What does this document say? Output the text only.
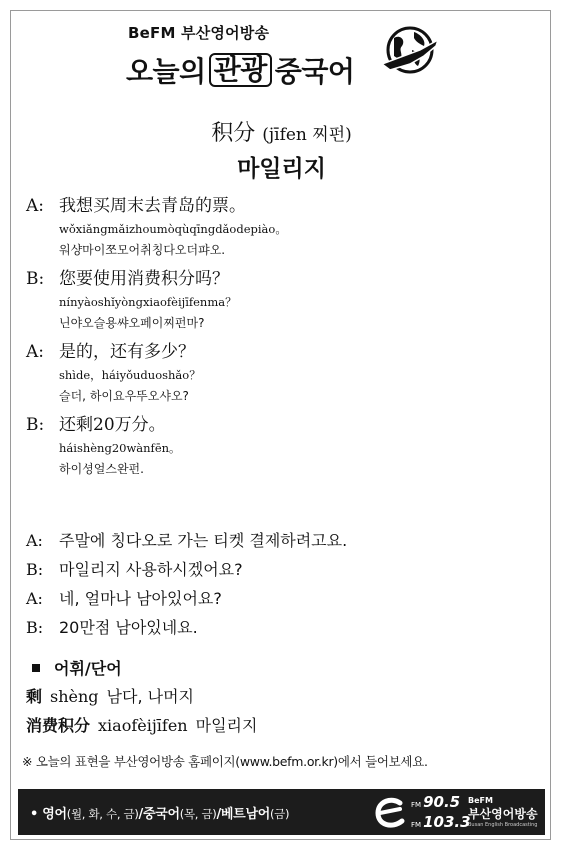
BeFM 부산영어방송
오늘의 관광 중국어
积分 (jīfen 찌펀)
마일리지
A: 我想买周末去青岛的票。
wǒxiǎngmǎizhoumòqùqīngdǎodepiào。
워샹마이쪼모어취칭다오더퍄오.
B: 您要使用消费积分吗？
nínyàoshǐyòngxiaofèijīfenma？
닌야오슬용쌰오페이찌펀마?
A: 是的，还有多少？
shìde，háiyǒuduoshǎo？
슬더, 하이요우뚜오샤오?
B: 还剩20万分。
háishèng20wànfēn。
하이셩얼스완펀.
A: 주말에 칭다오로 가는 티켓 결제하려고요.
B: 마일리지 사용하시겠어요?
A: 네, 얼마나 남아있어요?
B: 20만점 남아있네요.
어휘/단어
剩 shèng 남다, 나머지
消费积分 xiaofèijīfen 마일리지
※ 오늘의 표현을 부산영어방송 홈페이지(www.befm.or.kr)에서 들어보세요.
• 영어(월, 화, 수, 금)/중국어(목, 금)/베트남어(금)
FM 90.5
FM 103.3
BeFM
부산영어방송
Busan English Broadcasting
